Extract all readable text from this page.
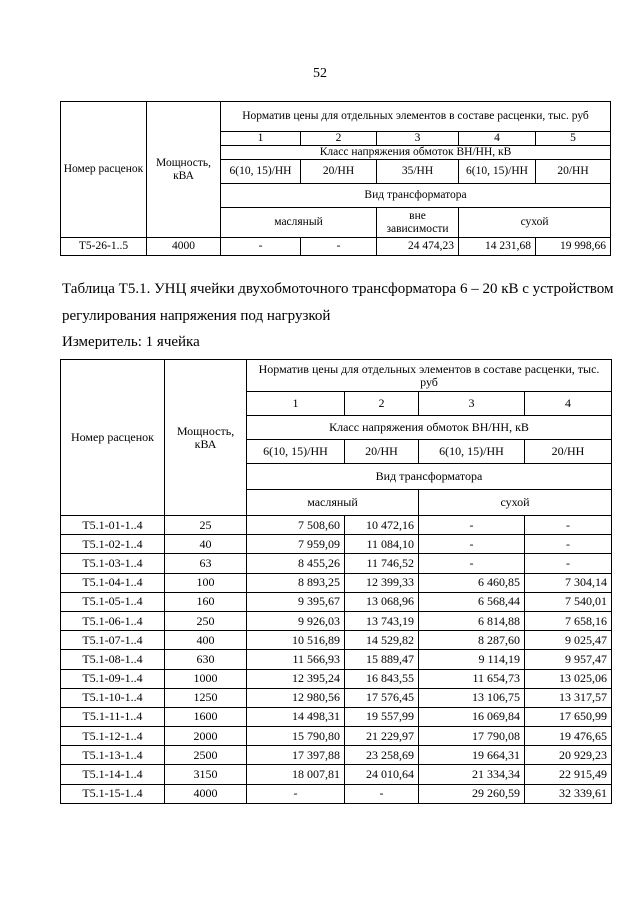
52
Номер расценок	Мощность, кВА	Норматив цены для отдельных элементов в составе расценки, тыс. руб				
		1	2	3	4	5
		Класс напряжения обмоток ВН/НН, кВ				
		6(10, 15)/НН	20/НН	35/НН	6(10, 15)/НН	20/НН
		Вид трансформатора				
		масляный		вне зависимости	сухой	
Т5-26-1..5	4000	-	-	24 474,23	14 231,68	19 998,66
Таблица Т5.1. УНЦ ячейки двухобмоточного трансформатора 6 – 20 кВ с устройством
регулирования напряжения под нагрузкой
Измеритель: 1 ячейка
Номер расценок	Мощность, кВА	Норматив цены для отдельных элементов в составе расценки, тыс. руб			
		1	2	3	4
		Класс напряжения обмоток ВН/НН, кВ			
		6(10, 15)/НН	20/НН	6(10, 15)/НН	20/НН
		Вид трансформатора			
		масляный		сухой	
Т5.1-01-1..4	25	7 508,60	10 472,16	-	-
Т5.1-02-1..4	40	7 959,09	11 084,10	-	-
Т5.1-03-1..4	63	8 455,26	11 746,52	-	-
Т5.1-04-1..4	100	8 893,25	12 399,33	6 460,85	7 304,14
Т5.1-05-1..4	160	9 395,67	13 068,96	6 568,44	7 540,01
Т5.1-06-1..4	250	9 926,03	13 743,19	6 814,88	7 658,16
Т5.1-07-1..4	400	10 516,89	14 529,82	8 287,60	9 025,47
Т5.1-08-1..4	630	11 566,93	15 889,47	9 114,19	9 957,47
Т5.1-09-1..4	1000	12 395,24	16 843,55	11 654,73	13 025,06
Т5.1-10-1..4	1250	12 980,56	17 576,45	13 106,75	13 317,57
Т5.1-11-1..4	1600	14 498,31	19 557,99	16 069,84	17 650,99
Т5.1-12-1..4	2000	15 790,80	21 229,97	17 790,08	19 476,65
Т5.1-13-1..4	2500	17 397,88	23 258,69	19 664,31	20 929,23
Т5.1-14-1..4	3150	18 007,81	24 010,64	21 334,34	22 915,49
Т5.1-15-1..4	4000	-	-	29 260,59	32 339,61
